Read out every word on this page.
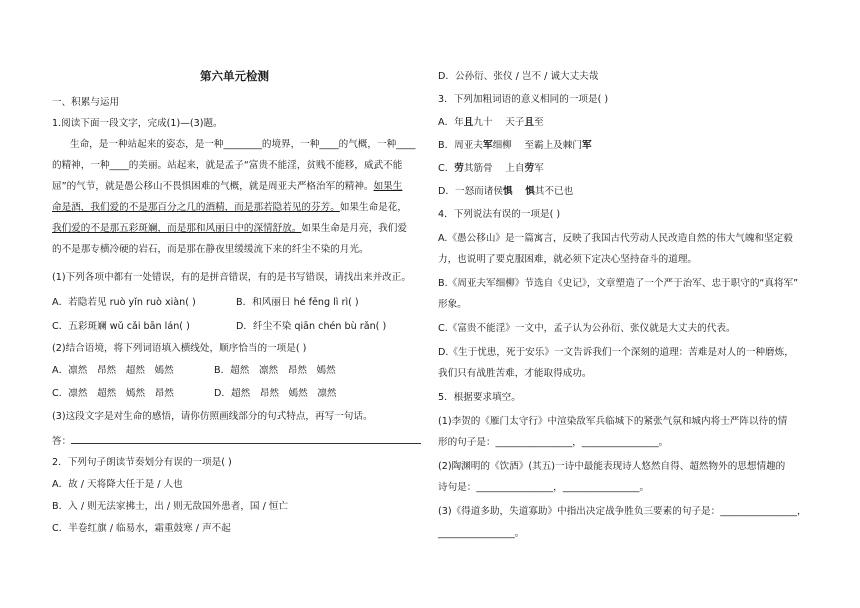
第六单元检测
一、积累与运用
1.阅读下面一段文字，完成(1)—(3)题。
生命，是一种站起来的姿态，是一种________的境界，一种____的气概，一种____
的精神，一种____的美丽。站起来，就是孟子“富贵不能淫，贫贱不能移，威武不能
屈”的气节，就是愚公移山不畏惧困难的气概，就是周亚夫严格治军的精神。如果生
命是酒，我们爱的不是那百分之几的酒精，而是那若隐若见的芬芳。如果生命是花，
我们爱的不是那五彩斑斓，而是那和风丽日中的深情舒放。如果生命是月亮，我们爱
的不是那专横冷硬的岩石，而是那在静夜里缓缓流下来的纤尘不染的月光。
(1)下列各项中都有一处错误，有的是拼音错误，有的是书写错误，请找出来并改正。
A．若隐若见 ruò yǐn ruò xiàn( )	B．和风丽日 hé fēng lì rì( )
C．五彩斑斓 wǔ cǎi bān lán( )	D．纤尘不染 qiān chén bù rǎn( )
(2)结合语境，将下列词语填入横线处，顺序恰当的一项是( )
A．凛然　昂然　超然　嫣然	B．超然　凛然　昂然　嫣然
C．凛然　超然　嫣然　昂然	D．超然　昂然　嫣然　凛然
(3)这段文字是对生命的感悟，请你仿照画线部分的句式特点，再写一句话。
答：
2．下列句子朗读节奏划分有误的一项是( )
A．故 / 天将降大任于是 / 人也
B．入 / 则无法家拂士，出 / 则无敌国外患者，国 / 恒亡
C．半卷红旗 / 临易水，霜重鼓寒 / 声不起
D．公孙衍、张仪 / 岂不 / 诚大丈夫哉
3．下列加粗词语的意义相同的一项是( )
A．年且九十　 天子且至
B．周亚夫军细柳　 至霸上及棘门军
C．劳其筋骨　 上自劳军
D．一怒而诸侯惧　 惧其不已也
4．下列说法有误的一项是( )
A.《愚公移山》是一篇寓言，反映了我国古代劳动人民改造自然的伟大气魄和坚定毅
力，也说明了要克服困难，就必须下定决心坚持奋斗的道理。
B.《周亚夫军细柳》节选自《史记》，文章塑造了一个严于治军、忠于职守的“真将军”
形象。
C.《富贵不能淫》一文中，孟子认为公孙衍、张仪就是大丈夫的代表。
D.《生于忧患，死于安乐》一文告诉我们一个深刻的道理：苦难是对人的一种磨炼，
我们只有战胜苦难，才能取得成功。
5．根据要求填空。
(1)李贺的《雁门太守行》中渲染敌军兵临城下的紧张气氛和城内将士严阵以待的情
形的句子是：________________，________________。
(2)陶渊明的《饮酒》(其五)一诗中最能表现诗人悠然自得、超然物外的思想情趣的
诗句是：________________，________________。
(3)《得道多助，失道寡助》中指出决定战争胜负三要素的句子是：________________，
________________。
